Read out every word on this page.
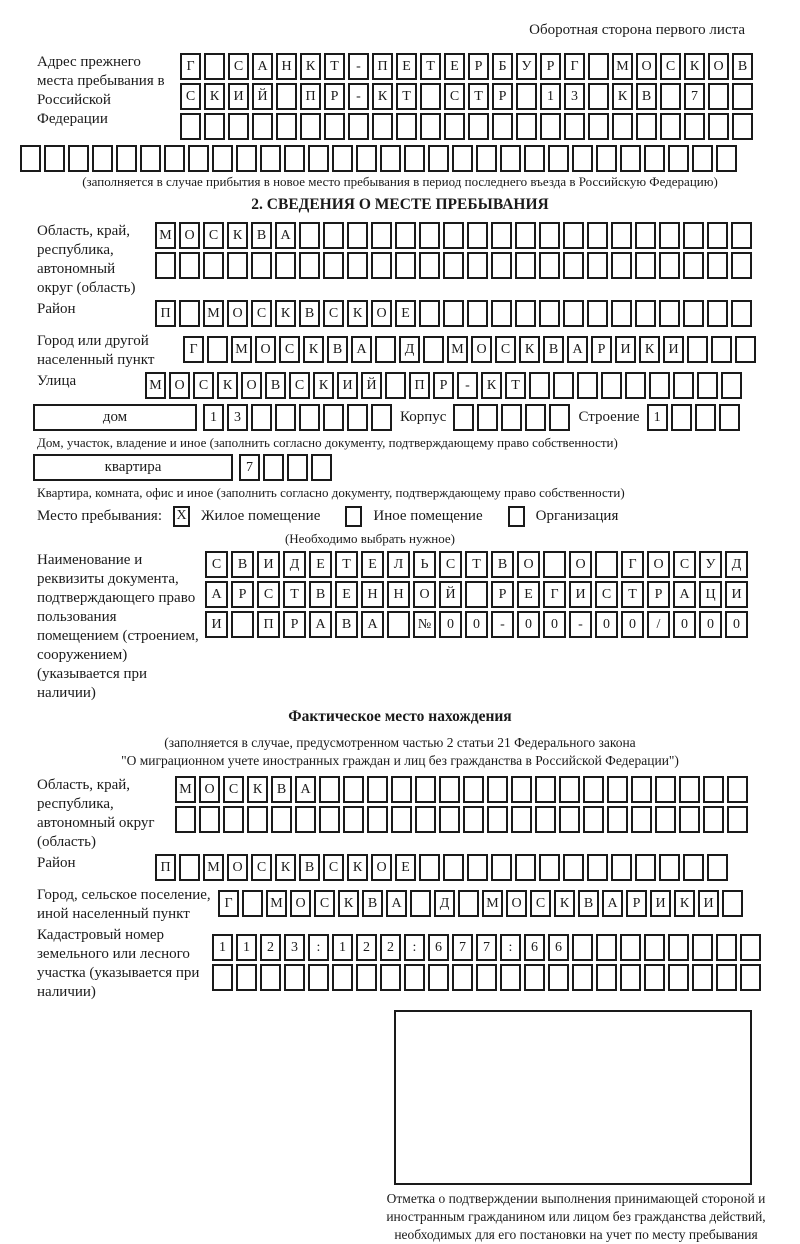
Оборотная сторона первого листа
Адрес прежнего места пребывания в Российской Федерации
Г	С	А Н	К	Т	-	П	Е	Т	Е	Р	Б	У	Р	Г	М О	С	К	О	В
С	К	И Й	П	Р	-	К	Т	С	Т	Р	1	3	К	В	7
(заполняется в случае прибытия в новое место пребывания в период последнего въезда в Российскую Федерацию)
2. СВЕДЕНИЯ О МЕСТЕ ПРЕБЫВАНИЯ
Область, край, республика, автономный округ (область)
М О	С	К	В	А
Район	П	М О	С	К	В	С	К	О	Е
Город или другой населенный пункт
Г	М О	С	К	В	А	Д	М О	С	К	В	А	Р	И	К	И
Улица	М О	С	К	О	В	С	К	И Й	П	Р	-	К	Т
дом	1	3	Корпус	Строение	1
Дом, участок, владение и иное (заполнить согласно документу, подтверждающему право собственности)
квартира	7
Квартира, комната, офис и иное (заполнить согласно документу, подтверждающему право собственности)
Место пребывания: X Жилое помещение	Иное помещение	Организация
(Необходимо выбрать нужное)
Наименование и реквизиты документа, подтверждающего право пользования помещением (строением, сооружением) (указывается при наличии)
С	В	И	Д	Е	Т	Е	Л	Ь	С	Т	В	О	О	Г	О	С	У	Д
А	Р	С	Т	В	Е	Н	Н	О	Й	Р	Е	Г	И	С	Т	Р	А	Ц	И
И	П	Р	А	В	А	№	0	0	-	0	0	-	0	0	/	0	0	0
Фактическое место нахождения
(заполняется в случае, предусмотренном частью 2 статьи 21 Федерального закона
"О миграционном учете иностранных граждан и лиц без гражданства в Российской Федерации")
Область, край, республика, автономный округ (область)
М О	С	К	В	А
Район	П	М О	С	К	В	С	К	О	Е
Город, сельское поселение, иной населенный пункт
Г	М О	С	К	В	А	Д	М О	С	К	В	А	Р	И	К	И
Кадастровый номер земельного или лесного участка (указывается при наличии)
1	1	2	3	:	1	2	2	:	6	7	7	:	6	6
Отметка о подтверждении выполнения принимающей стороной и иностранным гражданином или лицом без гражданства действий, необходимых для его постановки на учет по месту пребывания
